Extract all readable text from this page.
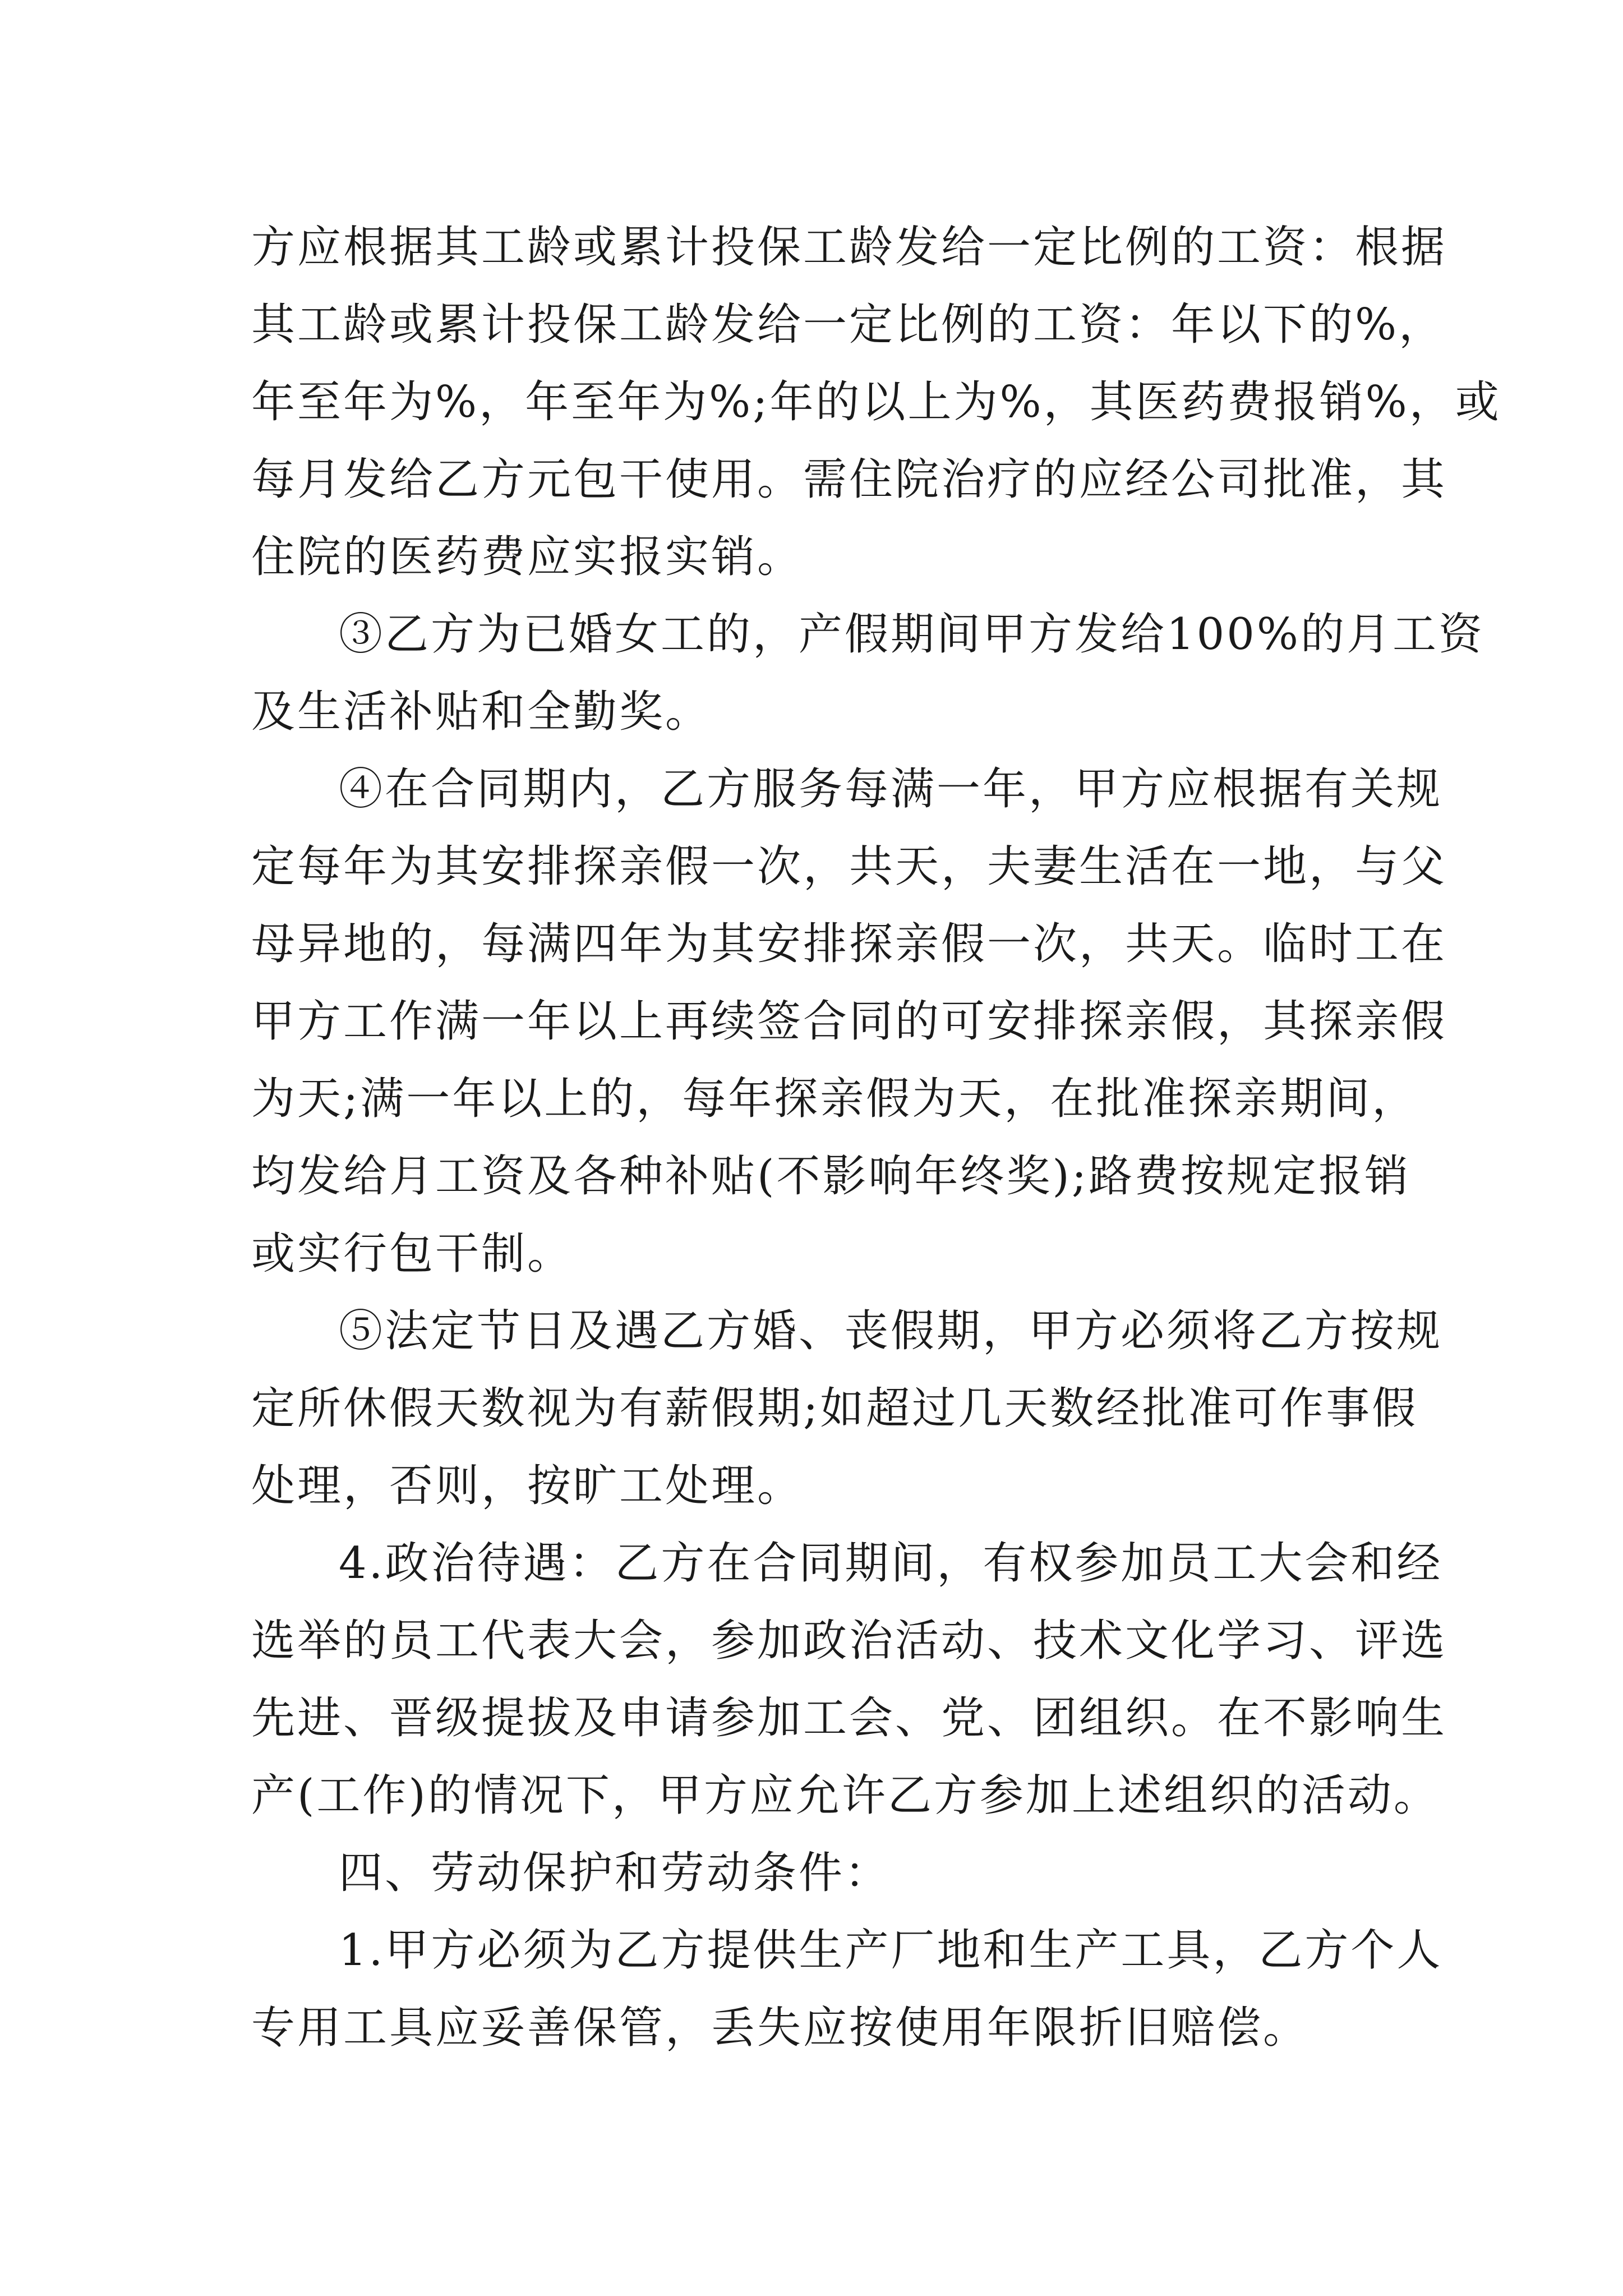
方应根据其工龄或累计投保工龄发给一定比例的工资：根据
其工龄或累计投保工龄发给一定比例的工资：年以下的%，
年至年为%，年至年为%;年的以上为%，其医药费报销%，或
每月发给乙方元包干使用。需住院治疗的应经公司批准，其
住院的医药费应实报实销。
③乙方为已婚女工的，产假期间甲方发给100%的月工资
及生活补贴和全勤奖。
④在合同期内，乙方服务每满一年，甲方应根据有关规
定每年为其安排探亲假一次，共天，夫妻生活在一地，与父
母异地的，每满四年为其安排探亲假一次，共天。临时工在
甲方工作满一年以上再续签合同的可安排探亲假，其探亲假
为天;满一年以上的，每年探亲假为天，在批准探亲期间，
均发给月工资及各种补贴(不影响年终奖);路费按规定报销
或实行包干制。
⑤法定节日及遇乙方婚、丧假期，甲方必须将乙方按规
定所休假天数视为有薪假期;如超过几天数经批准可作事假
处理，否则，按旷工处理。
4.政治待遇：乙方在合同期间，有权参加员工大会和经
选举的员工代表大会，参加政治活动、技术文化学习、评选
先进、晋级提拔及申请参加工会、党、团组织。在不影响生
产(工作)的情况下，甲方应允许乙方参加上述组织的活动。
四、劳动保护和劳动条件：
1.甲方必须为乙方提供生产厂地和生产工具，乙方个人
专用工具应妥善保管，丢失应按使用年限折旧赔偿。
